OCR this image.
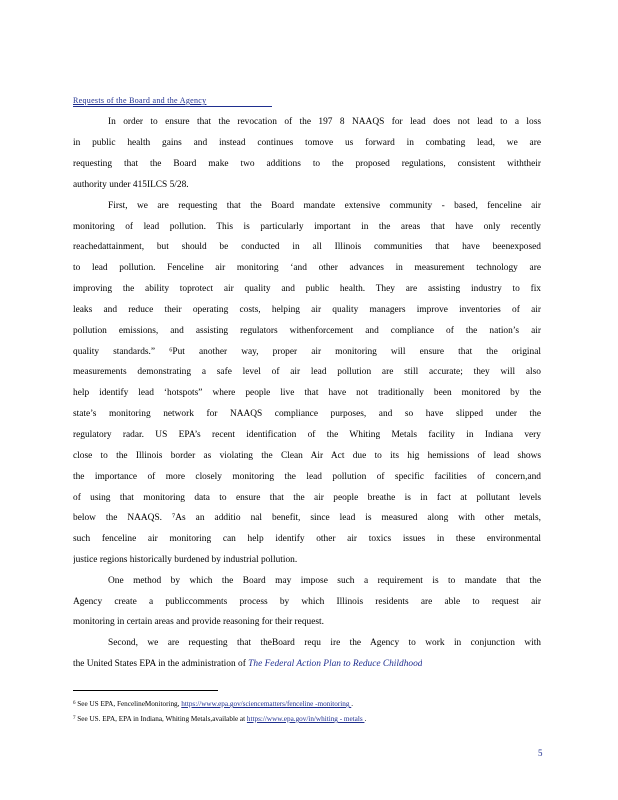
Requests of the Board and the Agency
In order to ensure that the revocation of the 197 8 NAAQS for lead does not lead to a loss
in public health gains and instead continues tomove us forward in combating lead, we are
requesting that the Board make two additions to the proposed regulations, consistent withtheir
authority under 415ILCS 5/28.
First, we are requesting that the Board mandate extensive community - based, fenceline air
monitoring of lead pollution. This is particularly important in the areas that have only recently
reachedattainment, but should be conducted in all Illinois communities that have beenexposed
to lead pollution. Fenceline air monitoring ‘and other advances in measurement technology are
improving the ability toprotect air quality and public health. They are assisting industry to fix
leaks and reduce their operating costs, helping air quality managers improve inventories of air
pollution emissions, and assisting regulators withenforcement and compliance of the nation’s air
quality standards.” ⁶Put another way, proper air monitoring will ensure that the original
measurements demonstrating a safe level of air lead pollution are still accurate; they will also
help identify lead ‘hotspots” where people live that have not traditionally been monitored by the
state’s monitoring network for NAAQS compliance purposes, and so have slipped under the
regulatory radar. US EPA’s recent identification of the Whiting Metals facility in Indiana very
close to the Illinois border as violating the Clean Air Act due to its hig hemissions of lead shows
the importance of more closely monitoring the lead pollution of specific facilities of concern,and
of using that monitoring data to ensure that the air people breathe is in fact at pollutant levels
below the NAAQS. ⁷As an additio nal benefit, since lead is measured along with other metals,
such fenceline air monitoring can help identify other air toxics issues in these environmental
justice regions historically burdened by industrial pollution.
One method by which the Board may impose such a requirement is to mandate that the
Agency create a publiccomments process by which Illinois residents are able to request air
monitoring in certain areas and provide reasoning for their request.
Second, we are requesting that theBoard requ ire the Agency to work in conjunction with
the United States EPA in the administration of The Federal Action Plan to Reduce Childhood
$^6$ See US EPA, FencelineMonitoring, https://www.epa.gov/sciencematters/fenceline -monitoring .
$^7$ See US. EPA, EPA in Indiana, Whiting Metals,available at https://www.epa.gov/in/whiting - metals .
5
